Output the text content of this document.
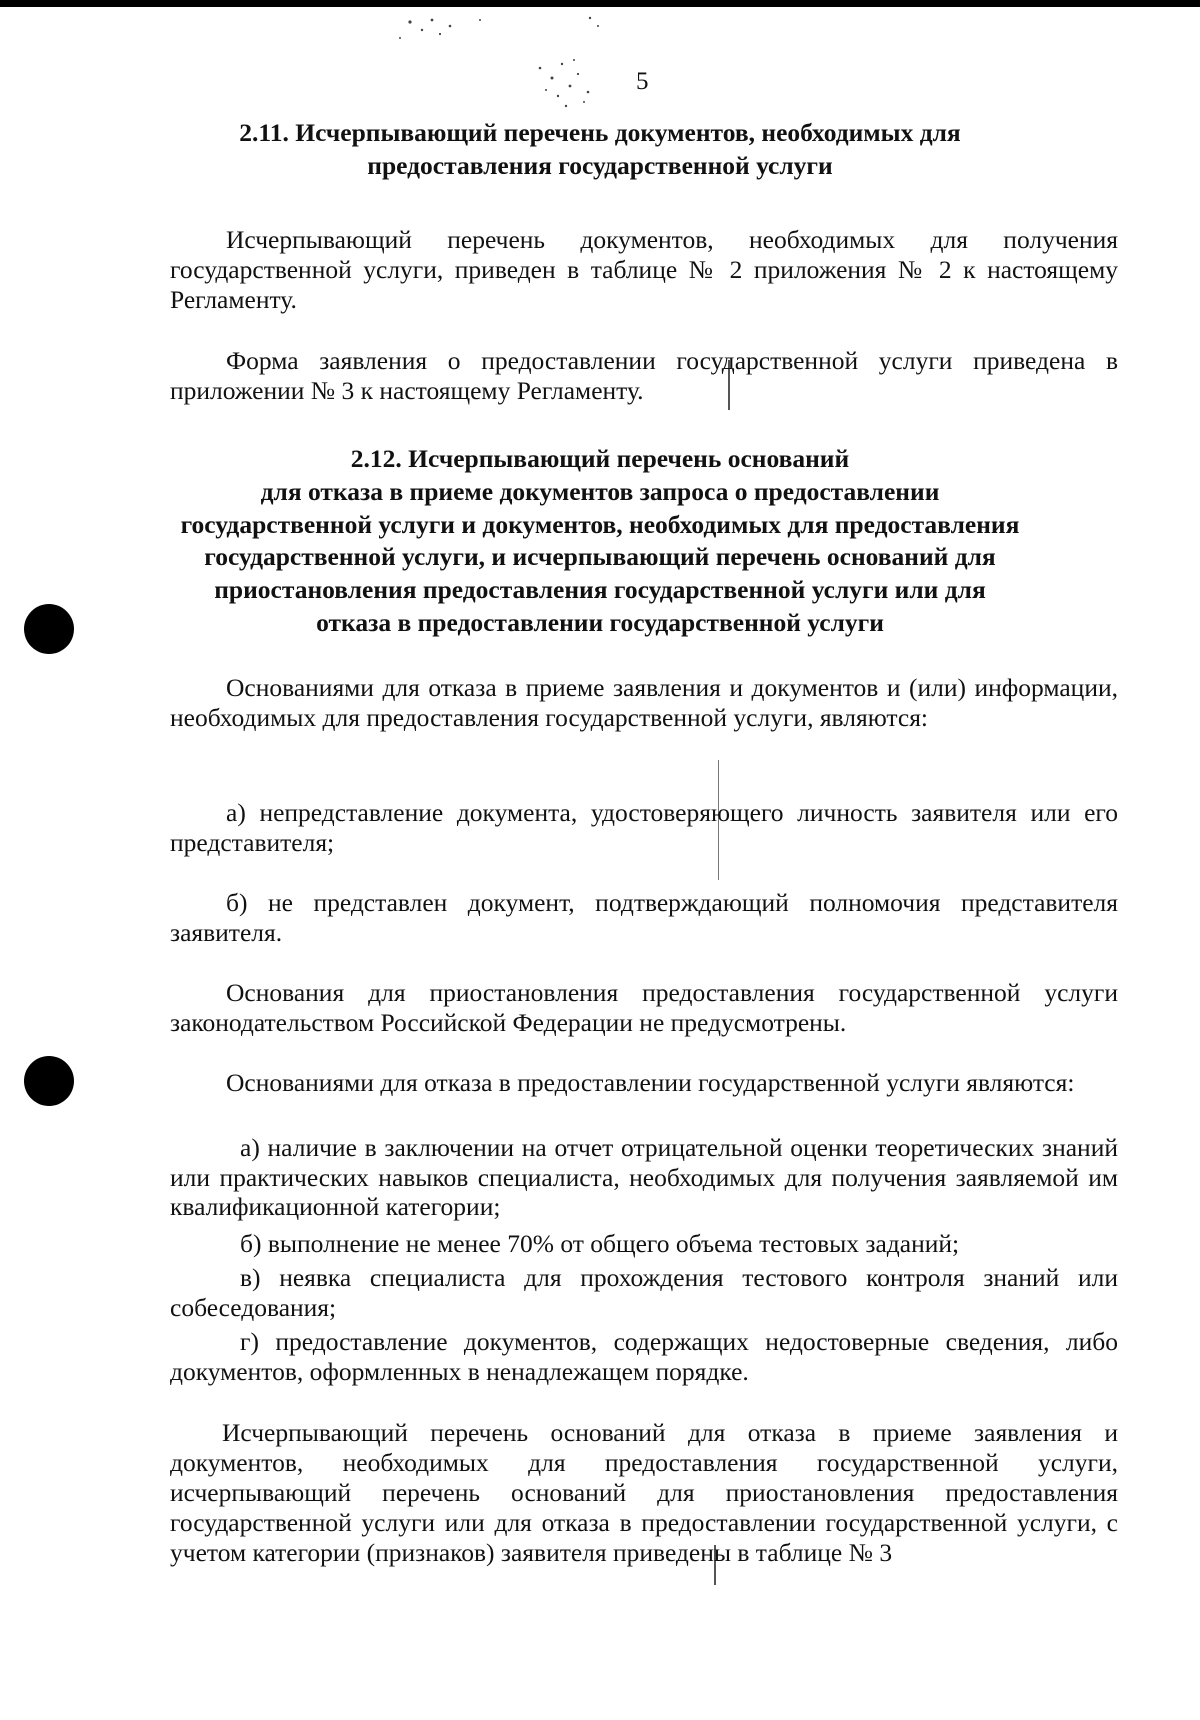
5
2.11. Исчерпывающий перечень документов, необходимых для
предоставления государственной услуги
Исчерпывающий перечень документов, необходимых для получения государственной услуги, приведен в таблице № 2 приложения № 2 к настоящему Регламенту.
Форма заявления о предоставлении государственной услуги приведена в приложении № 3 к настоящему Регламенту.
2.12. Исчерпывающий перечень оснований
для отказа в приеме документов запроса о предоставлении
государственной услуги и документов, необходимых для предоставления
государственной услуги, и исчерпывающий перечень оснований для
приостановления предоставления государственной услуги или для
отказа в предоставлении государственной услуги
Основаниями для отказа в приеме заявления и документов и (или) информации, необходимых для предоставления государственной услуги, являются:
а) непредставление документа, удостоверяющего личность заявителя или его представителя;
б) не представлен документ, подтверждающий полномочия представителя заявителя.
Основания для приостановления предоставления государственной услуги законодательством Российской Федерации не предусмотрены.
Основаниями для отказа в предоставлении государственной услуги являются:
а) наличие в заключении на отчет отрицательной оценки теоретических знаний или практических навыков специалиста, необходимых для получения заявляемой им квалификационной категории;
б) выполнение не менее 70% от общего объема тестовых заданий;
в) неявка специалиста для прохождения тестового контроля знаний или собеседования;
г) предоставление документов, содержащих недостоверные сведения, либо документов, оформленных в ненадлежащем порядке.
Исчерпывающий перечень оснований для отказа в приеме заявления и документов, необходимых для предоставления государственной услуги, исчерпывающий перечень оснований для приостановления предоставления государственной услуги или для отказа в предоставлении государственной услуги, с учетом категории (признаков) заявителя приведены в таблице № 3
